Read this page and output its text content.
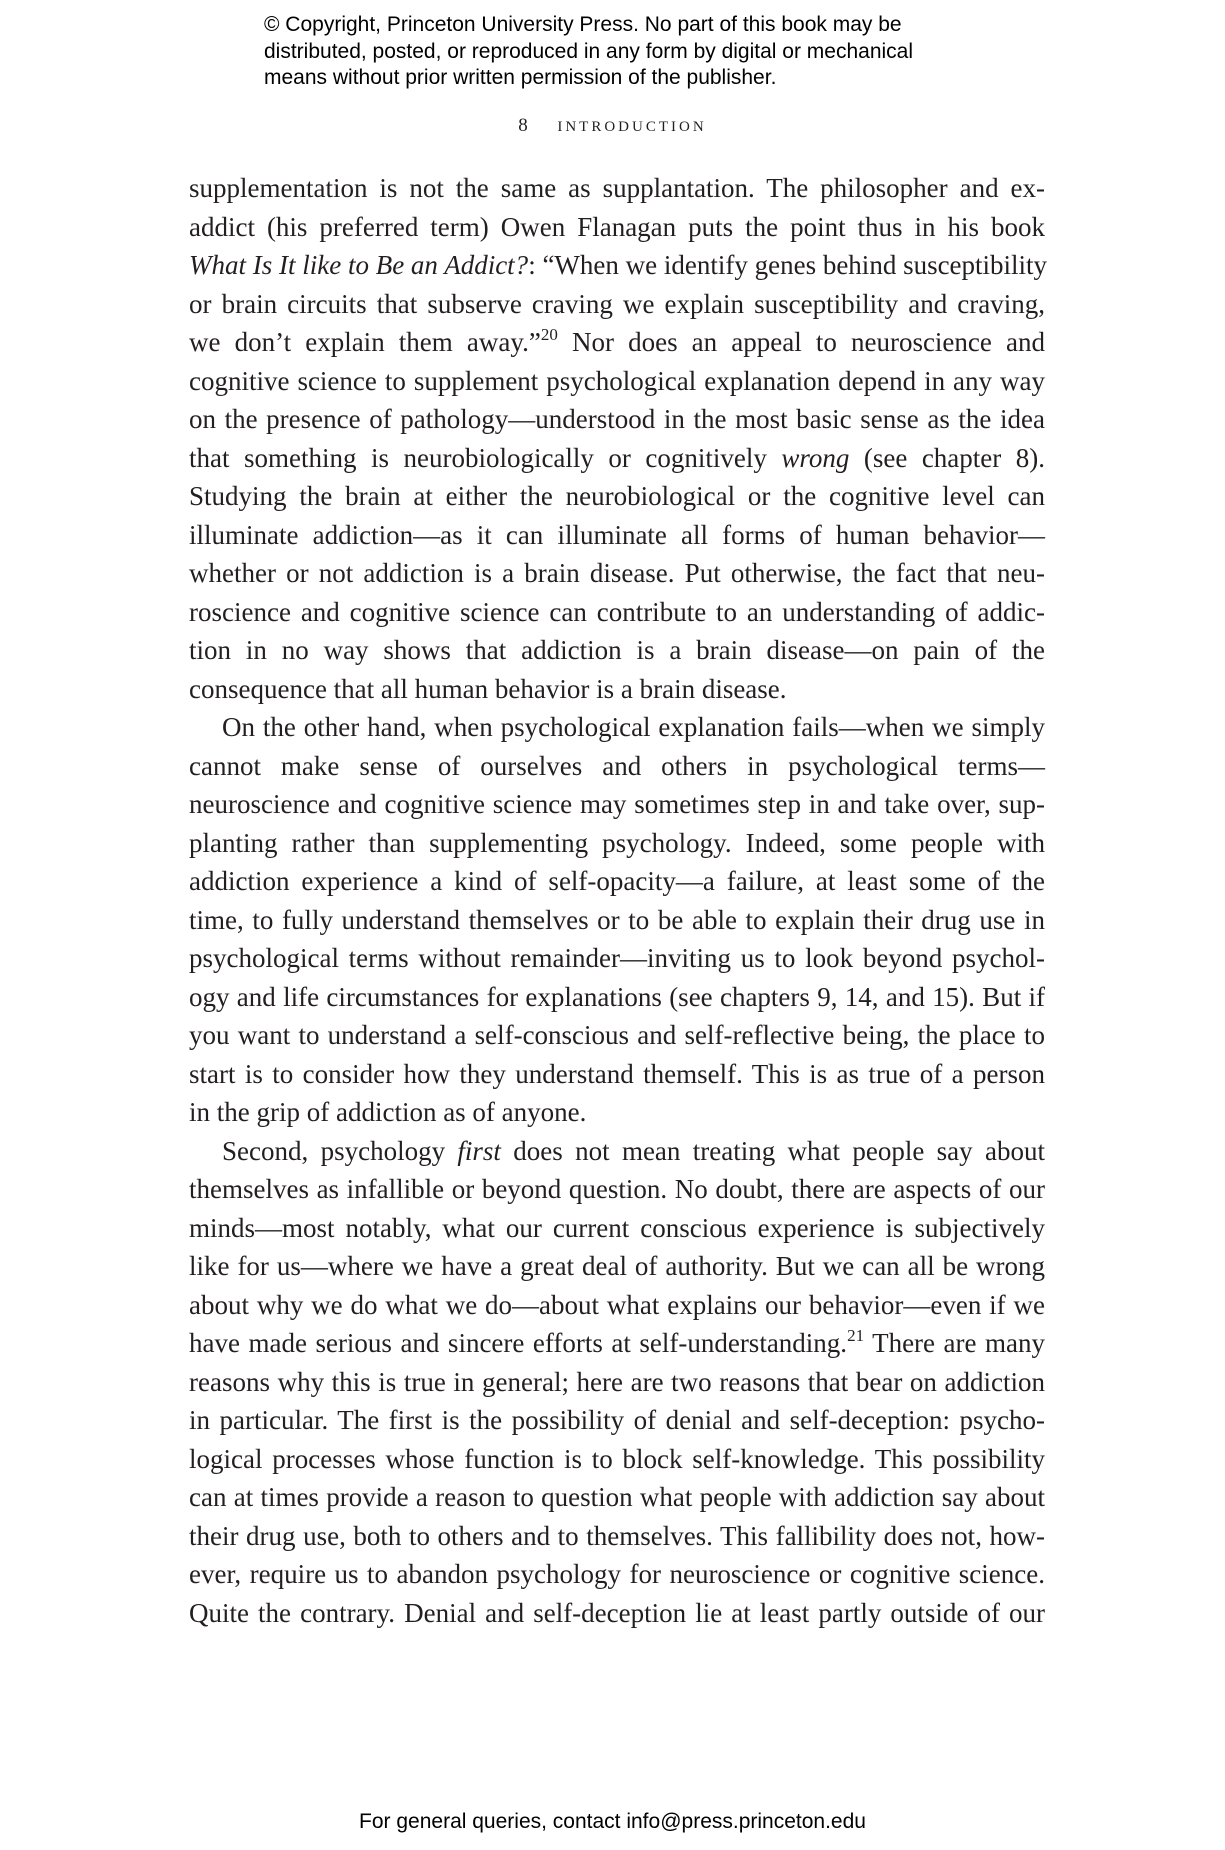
© Copyright, Princeton University Press. No part of this book may be
distributed, posted, or reproduced in any form by digital or mechanical
means without prior written permission of the publisher.
8 introduction
supplementation is not the same as supplantation. The philosopher and ex-
addict (his preferred term) Owen Flanagan puts the point thus in his book
What Is It like to Be an Addict?: “When we identify genes behind susceptibility
or brain circuits that subserve craving we explain susceptibility and craving,
we don’t explain them away.”$^{20}$ Nor does an appeal to neuroscience and
cognitive science to supplement psychological explanation depend in any way
on the presence of pathology—understood in the most basic sense as the idea
that something is neurobiologically or cognitively wrong (see chapter 8).
Studying the brain at either the neurobiological or the cognitive level can
illuminate addiction—as it can illuminate all forms of human behavior—
whether or not addiction is a brain disease. Put otherwise, the fact that neu-
roscience and cognitive science can contribute to an understanding of addic-
tion in no way shows that addiction is a brain disease—on pain of the
consequence that all human behavior is a brain disease.
On the other hand, when psychological explanation fails—when we simply
cannot make sense of ourselves and others in psychological terms—
neuroscience and cognitive science may sometimes step in and take over, sup-
planting rather than supplementing psychology. Indeed, some people with
addiction experience a kind of self-opacity—a failure, at least some of the
time, to fully understand themselves or to be able to explain their drug use in
psychological terms without remainder—inviting us to look beyond psychol-
ogy and life circumstances for explanations (see chapters 9, 14, and 15). But if
you want to understand a self-conscious and self-reflective being, the place to
start is to consider how they understand themself. This is as true of a person
in the grip of addiction as of anyone.
Second, psychology first does not mean treating what people say about
themselves as infallible or beyond question. No doubt, there are aspects of our
minds—most notably, what our current conscious experience is subjectively
like for us—where we have a great deal of authority. But we can all be wrong
about why we do what we do—about what explains our behavior—even if we
have made serious and sincere efforts at self-understanding.$^{21}$ There are many
reasons why this is true in general; here are two reasons that bear on addiction
in particular. The first is the possibility of denial and self-deception: psycho-
logical processes whose function is to block self-knowledge. This possibility
can at times provide a reason to question what people with addiction say about
their drug use, both to others and to themselves. This fallibility does not, how-
ever, require us to abandon psychology for neuroscience or cognitive science.
Quite the contrary. Denial and self-deception lie at least partly outside of our
For general queries, contact info@press.princeton.edu
